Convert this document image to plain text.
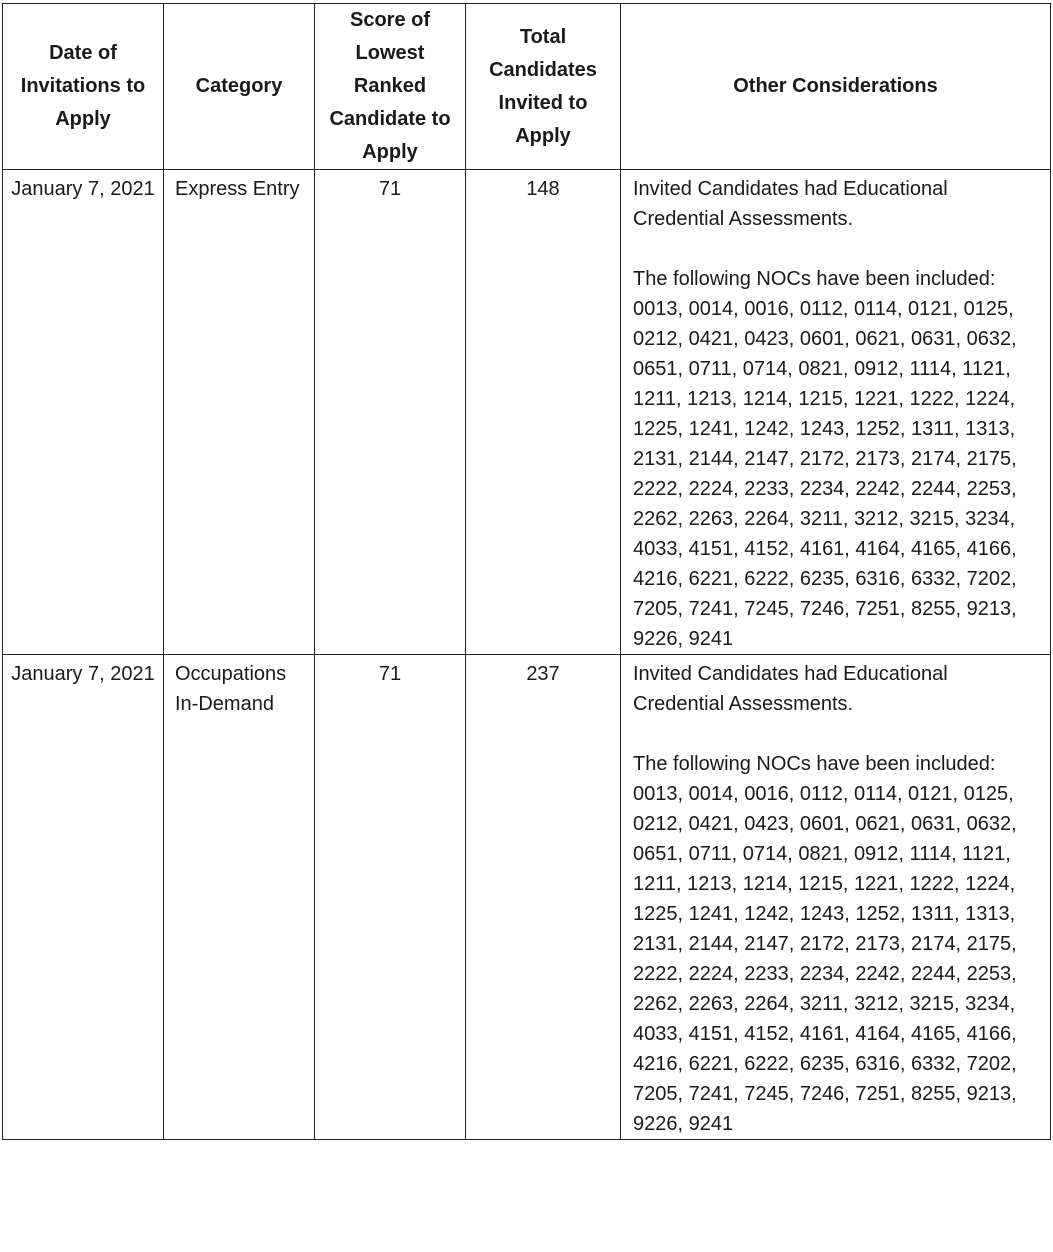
Date of Invitations to Apply	Category	Score of Lowest Ranked Candidate to Apply	Total Candidates Invited to Apply	Other Considerations
January 7, 2021	Express Entry	71	148	Invited Candidates had Educational Credential Assessments.
The following NOCs have been included:
0013, 0014, 0016, 0112, 0114, 0121, 0125, 0212, 0421, 0423, 0601, 0621, 0631, 0632, 0651, 0711, 0714, 0821, 0912, 1114, 1121, 1211, 1213, 1214, 1215, 1221, 1222, 1224, 1225, 1241, 1242, 1243, 1252, 1311, 1313, 2131, 2144, 2147, 2172, 2173, 2174, 2175, 2222, 2224, 2233, 2234, 2242, 2244, 2253, 2262, 2263, 2264, 3211, 3212, 3215, 3234, 4033, 4151, 4152, 4161, 4164, 4165, 4166, 4216, 6221, 6222, 6235, 6316, 6332, 7202, 7205, 7241, 7245, 7246, 7251, 8255, 9213, 9226, 9241

January 7, 2021	Occupations In-Demand	71	237	Invited Candidates had Educational Credential Assessments.
The following NOCs have been included:
0013, 0014, 0016, 0112, 0114, 0121, 0125, 0212, 0421, 0423, 0601, 0621, 0631, 0632, 0651, 0711, 0714, 0821, 0912, 1114, 1121, 1211, 1213, 1214, 1215, 1221, 1222, 1224, 1225, 1241, 1242, 1243, 1252, 1311, 1313, 2131, 2144, 2147, 2172, 2173, 2174, 2175, 2222, 2224, 2233, 2234, 2242, 2244, 2253, 2262, 2263, 2264, 3211, 3212, 3215, 3234, 4033, 4151, 4152, 4161, 4164, 4165, 4166, 4216, 6221, 6222, 6235, 6316, 6332, 7202, 7205, 7241, 7245, 7246, 7251, 8255, 9213, 9226, 9241
